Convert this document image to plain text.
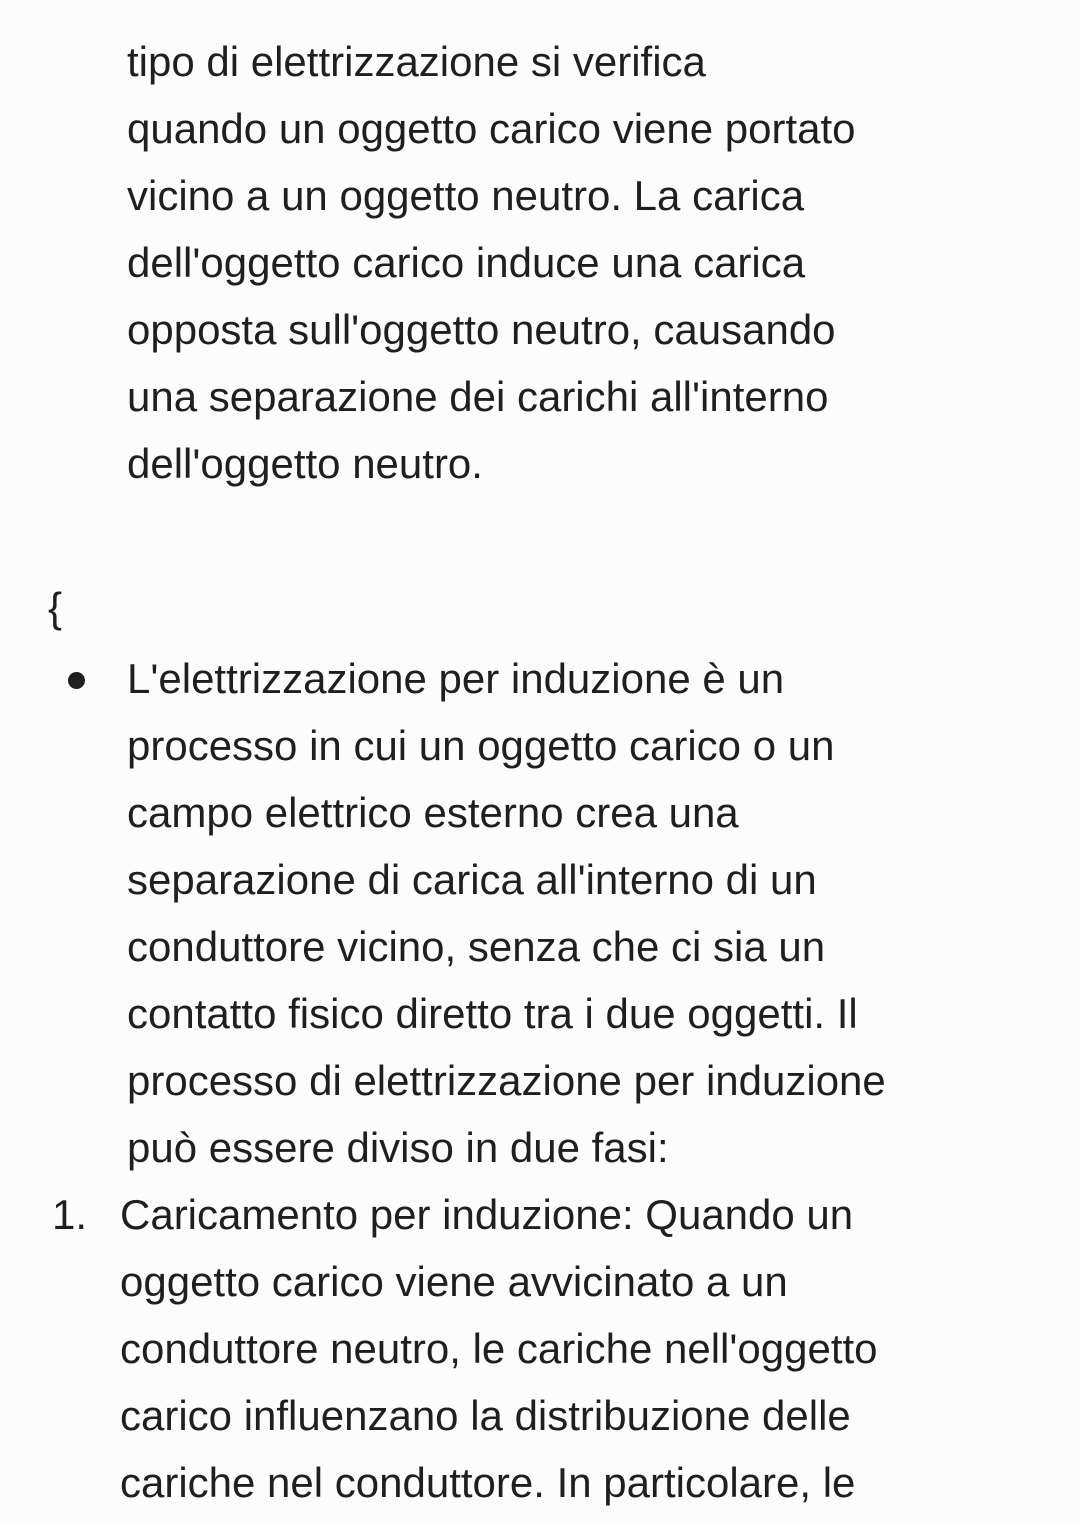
tipo di elettrizzazione si verifica
quando un oggetto carico viene portato
vicino a un oggetto neutro. La carica
dell'oggetto carico induce una carica
opposta sull'oggetto neutro, causando
una separazione dei carichi all'interno
dell'oggetto neutro.
{
L'elettrizzazione per induzione è un
processo in cui un oggetto carico o un
campo elettrico esterno crea una
separazione di carica all'interno di un
conduttore vicino, senza che ci sia un
contatto fisico diretto tra i due oggetti. Il
processo di elettrizzazione per induzione
può essere diviso in due fasi:
1. Caricamento per induzione: Quando un
oggetto carico viene avvicinato a un
conduttore neutro, le cariche nell'oggetto
carico influenzano la distribuzione delle
cariche nel conduttore. In particolare, le
